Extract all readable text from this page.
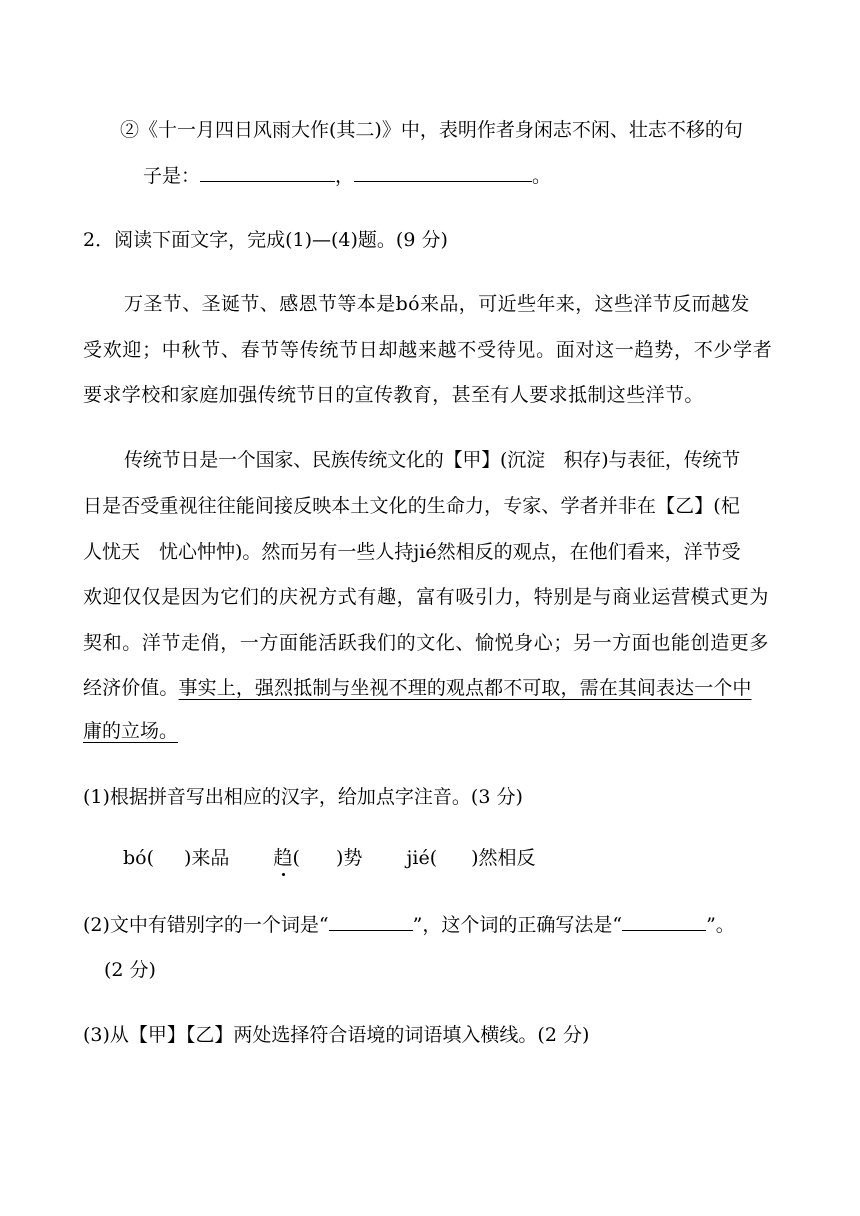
②《十一月四日风雨大作(其二)》中，表明作者身闲志不闲、壮志不移的句
子是：	，	。
2．阅读下面文字，完成(1)—(4)题。(9 分)
万圣节、圣诞节、感恩节等本是bó来品，可近些年来，这些洋节反而越发
受欢迎；中秋节、春节等传统节日却越来越不受待见。面对这一趋势，不少学者
要求学校和家庭加强传统节日的宣传教育，甚至有人要求抵制这些洋节。
传统节日是一个国家、民族传统文化的【甲】(沉淀　积存)与表征，传统节
日是否受重视往往能间接反映本土文化的生命力，专家、学者并非在【乙】(杞
人忧天　忧心忡忡)。然而另有一些人持jié然相反的观点，在他们看来，洋节受
欢迎仅仅是因为它们的庆祝方式有趣，富有吸引力，特别是与商业运营模式更为
契和。洋节走俏，一方面能活跃我们的文化、愉悦身心；另一方面也能创造更多
经济价值。事实上，强烈抵制与坐视不理的观点都不可取，需在其间表达一个中
庸的立场。
(1)根据拼音写出相应的汉字，给加点字注音。(3 分)
bó( )来品 趋( )势 jié( )然相反
(2)文中有错别字的一个词是“	”，这个词的正确写法是“	”。
(2 分)
(3)从【甲】【乙】两处选择符合语境的词语填入横线。(2 分)
